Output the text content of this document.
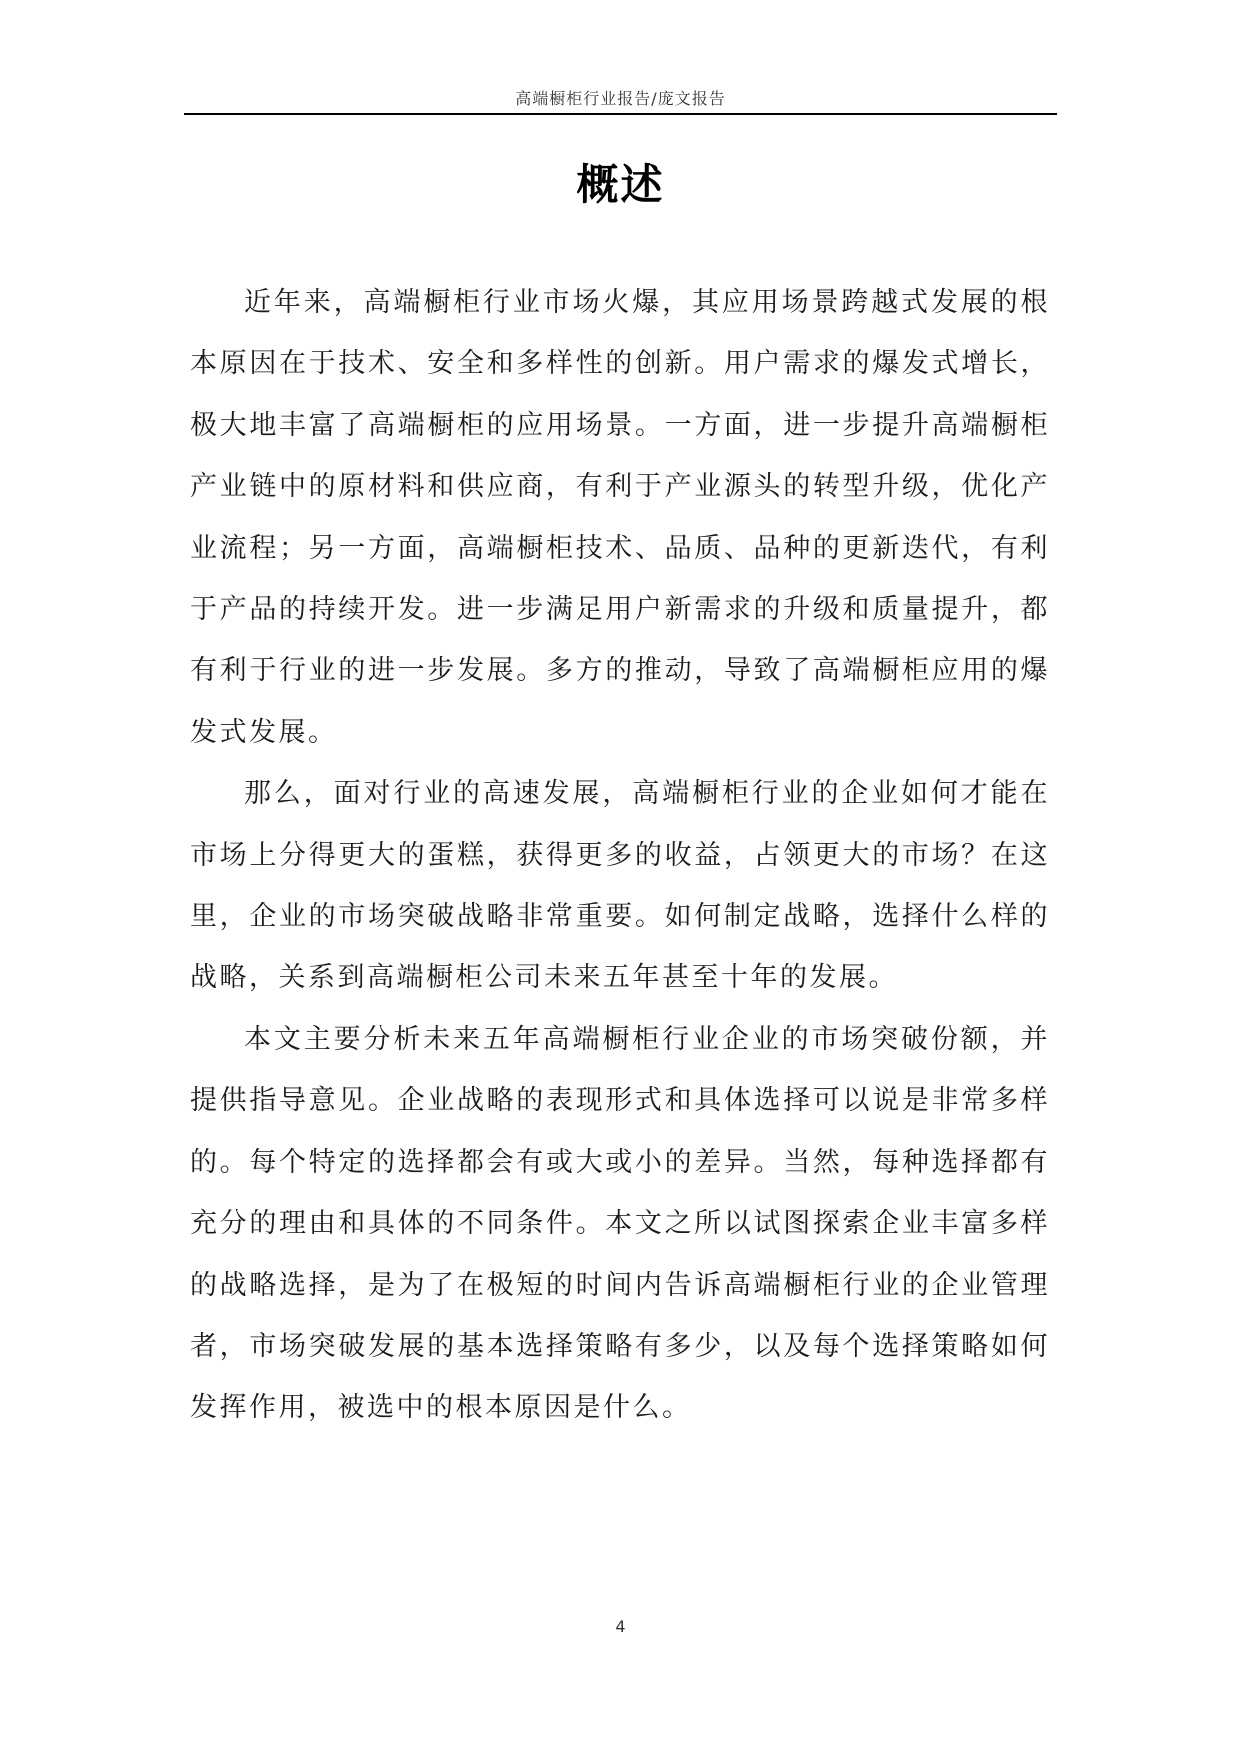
高端橱柜行业报告/庞文报告
概述

近年来，高端橱柜行业市场火爆，其应用场景跨越式发展的根本原因在于技术、安全和多样性的创新。用户需求的爆发式增长，极大地丰富了高端橱柜的应用场景。一方面，进一步提升高端橱柜产业链中的原材料和供应商，有利于产业源头的转型升级，优化产业流程；另一方面，高端橱柜技术、品质、品种的更新迭代，有利于产品的持续开发。进一步满足用户新需求的升级和质量提升，都有利于行业的进一步发展。多方的推动，导致了高端橱柜应用的爆发式发展。

那么，面对行业的高速发展，高端橱柜行业的企业如何才能在市场上分得更大的蛋糕，获得更多的收益，占领更大的市场？在这里，企业的市场突破战略非常重要。如何制定战略，选择什么样的战略，关系到高端橱柜公司未来五年甚至十年的发展。

本文主要分析未来五年高端橱柜行业企业的市场突破份额，并提供指导意见。企业战略的表现形式和具体选择可以说是非常多样的。每个特定的选择都会有或大或小的差异。当然，每种选择都有充分的理由和具体的不同条件。本文之所以试图探索企业丰富多样的战略选择，是为了在极短的时间内告诉高端橱柜行业的企业管理者，市场突破发展的基本选择策略有多少，以及每个选择策略如何发挥作用，被选中的根本原因是什么。

4
